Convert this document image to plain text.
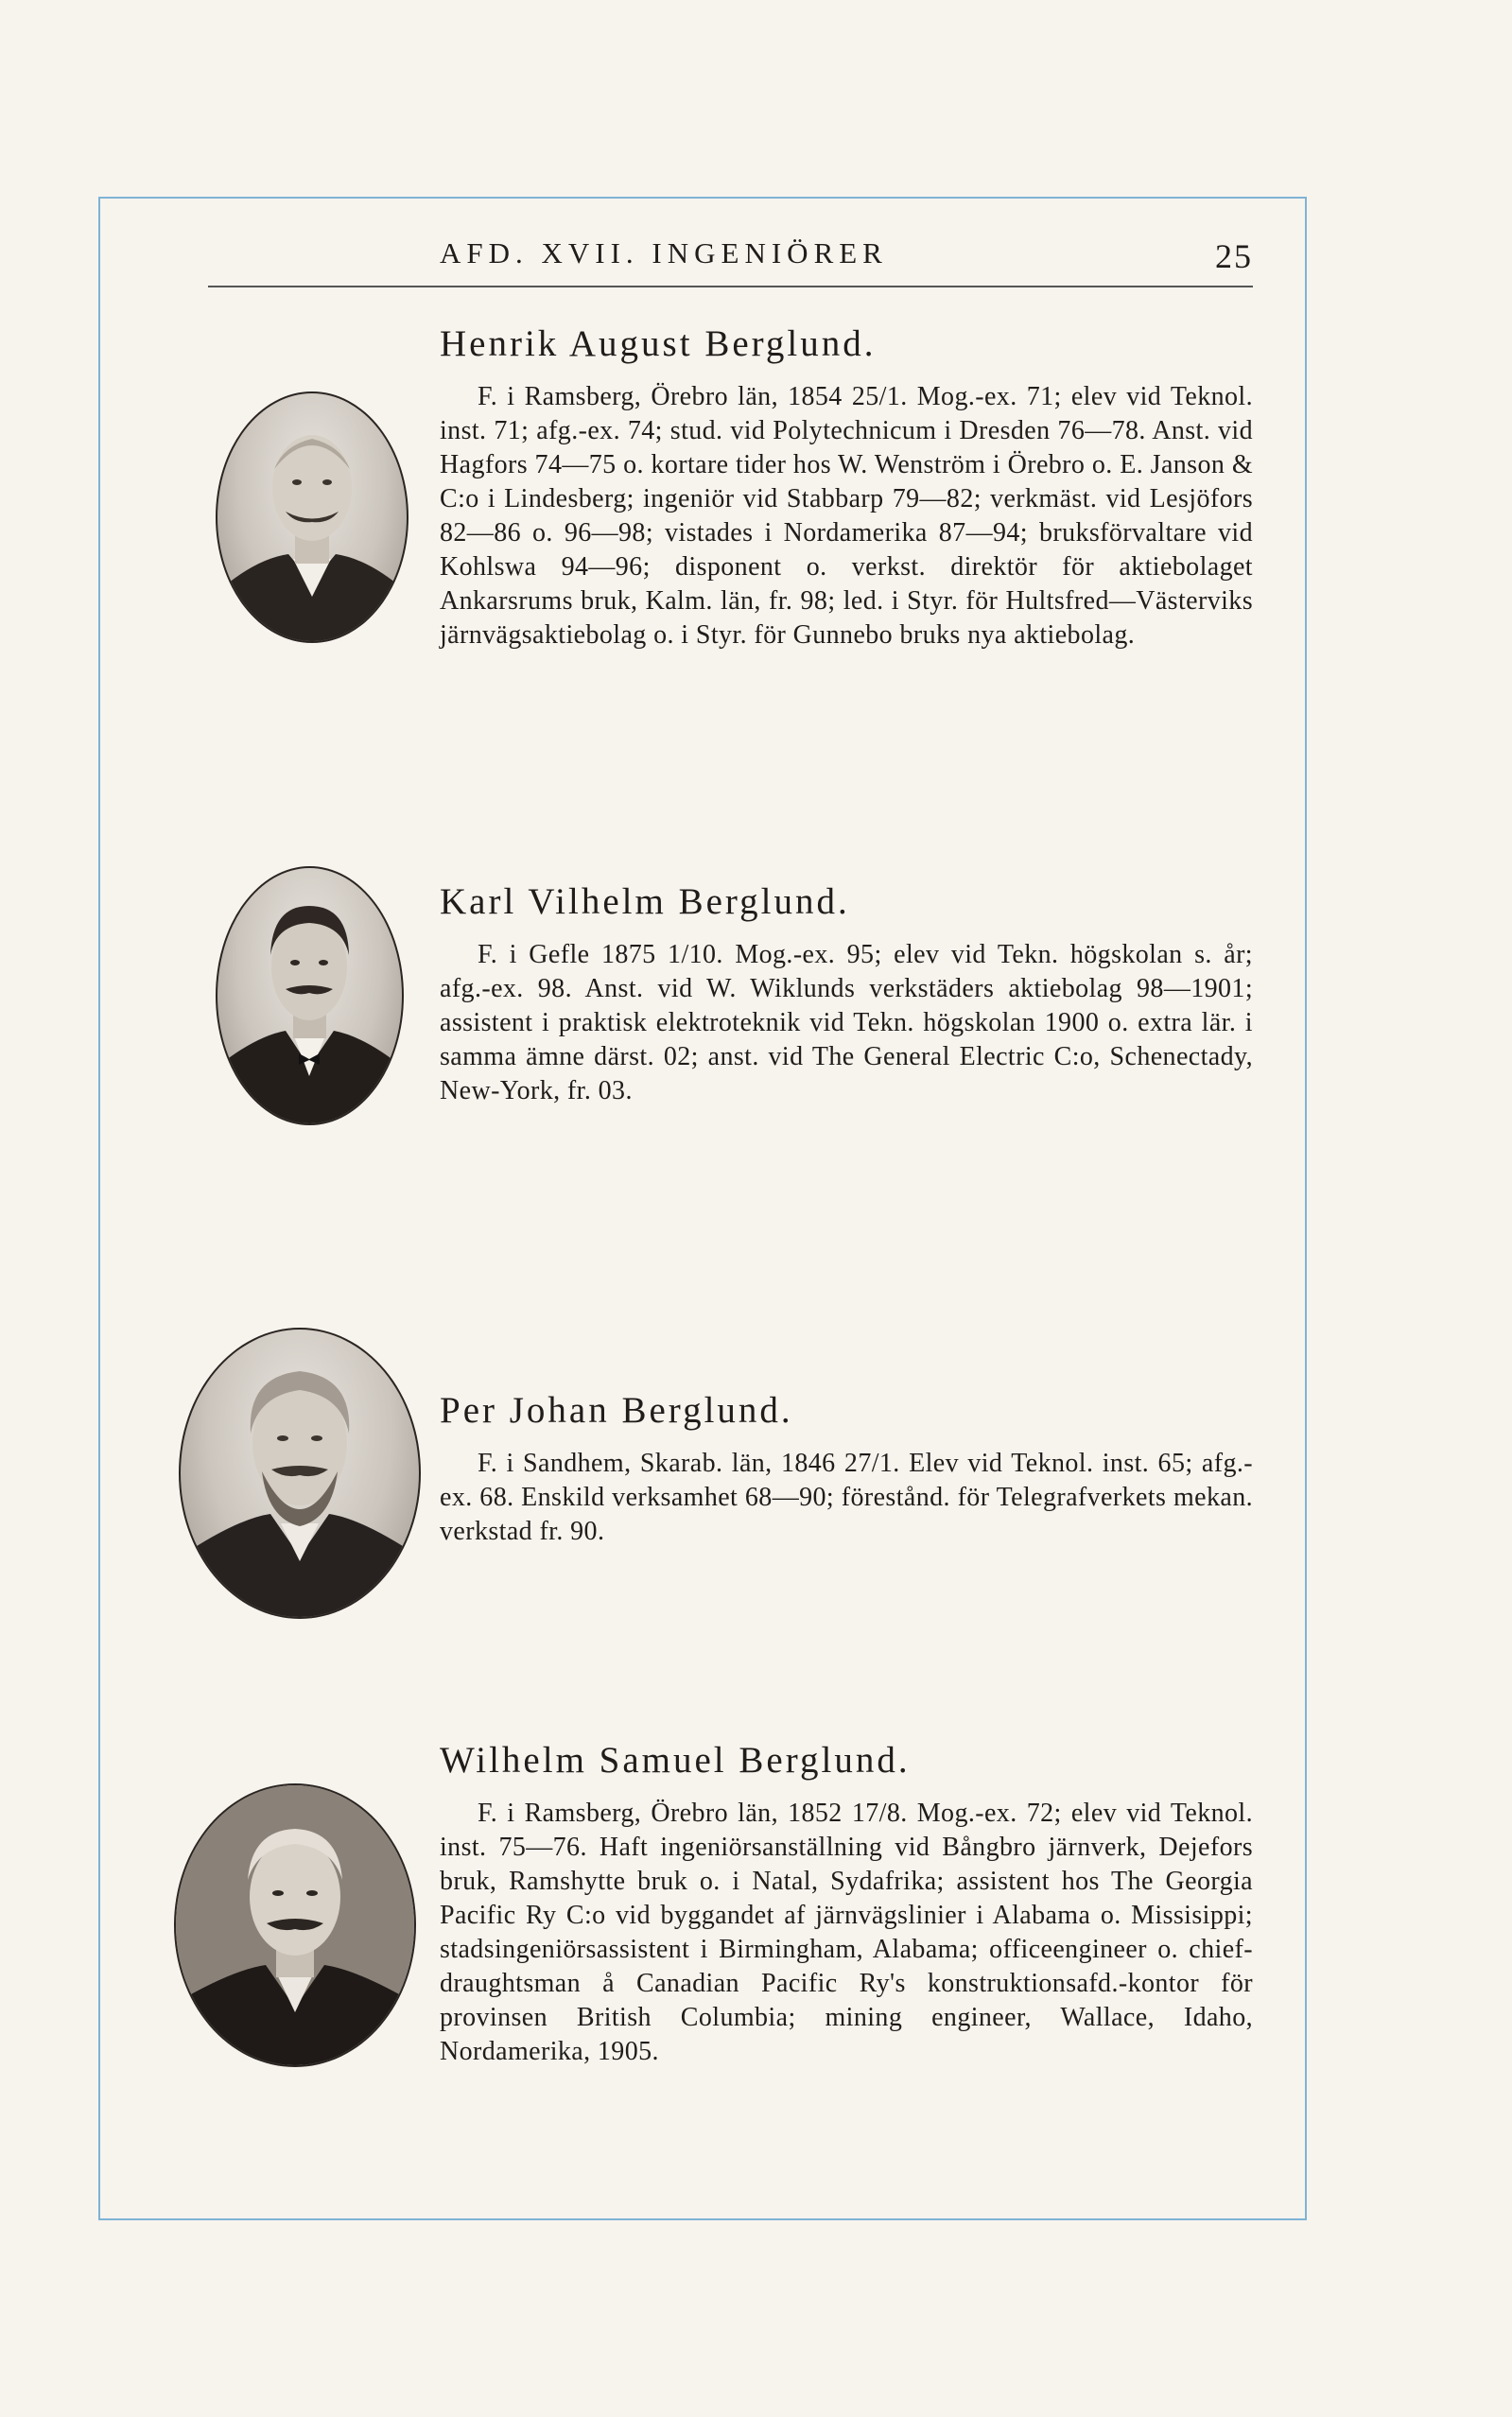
AFD. XVII. INGENIÖRER	25
Henrik August Berglund.

F. i Ramsberg, Örebro län, 1854 25/1. Mog.-ex. 71; elev vid Teknol. inst. 71; afg.-ex. 74; stud. vid Polytechnicum i Dresden 76—78. Anst. vid Hagfors 74—75 o. kortare tider hos W. Wenström i Örebro o. E. Janson & C:o i Lindesberg; ingeniör vid Stabbarp 79—82; verkmäst. vid Lesjöfors 82—86 o. 96—98; vistades i Nordamerika 87—94; bruksförvaltare vid Kohlswa 94—96; disponent o. verkst. direktör för aktiebolaget Ankarsrums bruk, Kalm. län, fr. 98; led. i Styr. för Hultsfred—Västerviks järnvägsaktiebolag o. i Styr. för Gunnebo bruks nya aktiebolag.

Karl Vilhelm Berglund.

F. i Gefle 1875 1/10. Mog.-ex. 95; elev vid Tekn. högskolan s. år; afg.-ex. 98. Anst. vid W. Wiklunds verkstäders aktiebolag 98—1901; assistent i praktisk elektroteknik vid Tekn. högskolan 1900 o. extra lär. i samma ämne därst. 02; anst. vid The General Electric C:o, Schenectady, New-York, fr. 03.

Per Johan Berglund.

F. i Sandhem, Skarab. län, 1846 27/1. Elev vid Teknol. inst. 65; afg.-ex. 68. Enskild verksamhet 68—90; förestånd. för Telegrafverkets mekan. verkstad fr. 90.

Wilhelm Samuel Berglund.

F. i Ramsberg, Örebro län, 1852 17/8. Mog.-ex. 72; elev vid Teknol. inst. 75—76. Haft ingeniörsanställning vid Bångbro järnverk, Dejefors bruk, Ramshytte bruk o. i Natal, Sydafrika; assistent hos The Georgia Pacific Ry C:o vid byggandet af järnvägslinier i Alabama o. Missisippi; stadsingeniörsassistent i Birmingham, Alabama; officeengineer o. chief-draughtsman å Canadian Pacific Ry's konstruktionsafd.-kontor för provinsen British Columbia; mining engineer, Wallace, Idaho, Nordamerika, 1905.
